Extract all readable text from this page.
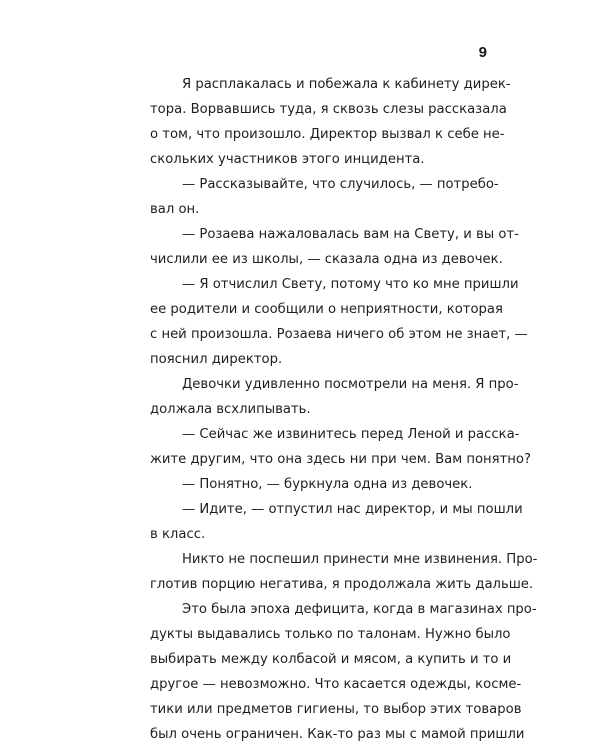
9

Я расплакалась и побежала к кабинету дирек-
тора. Ворвавшись туда, я сквозь слезы рассказала
о том, что произошло. Директор вызвал к себе не-
скольких участников этого инцидента.

— Рассказывайте, что случилось, — потребо-
вал он.

— Розаева нажаловалась вам на Свету, и вы от-
числили ее из школы, — сказала одна из девочек.

— Я отчислил Свету, потому что ко мне пришли
ее родители и сообщили о неприятности, которая
с ней произошла. Розаева ничего об этом не знает, —
пояснил директор.

Девочки удивленно посмотрели на меня. Я про-
должала всхлипывать.

— Сейчас же извинитесь перед Леной и расска-
жите другим, что она здесь ни при чем. Вам понятно?

— Понятно, — буркнула одна из девочек.

— Идите, — отпустил нас директор, и мы пошли
в класс.

Никто не поспешил принести мне извинения. Про-
глотив порцию негатива, я продолжала жить дальше.

Это была эпоха дефицита, когда в магазинах про-
дукты выдавались только по талонам. Нужно было
выбирать между колбасой и мясом, а купить и то и
другое — невозможно. Что касается одежды, космe-
тики или предметов гигиены, то выбор этих товаров
был очень ограничен. Как-то раз мы с мамой пришли
